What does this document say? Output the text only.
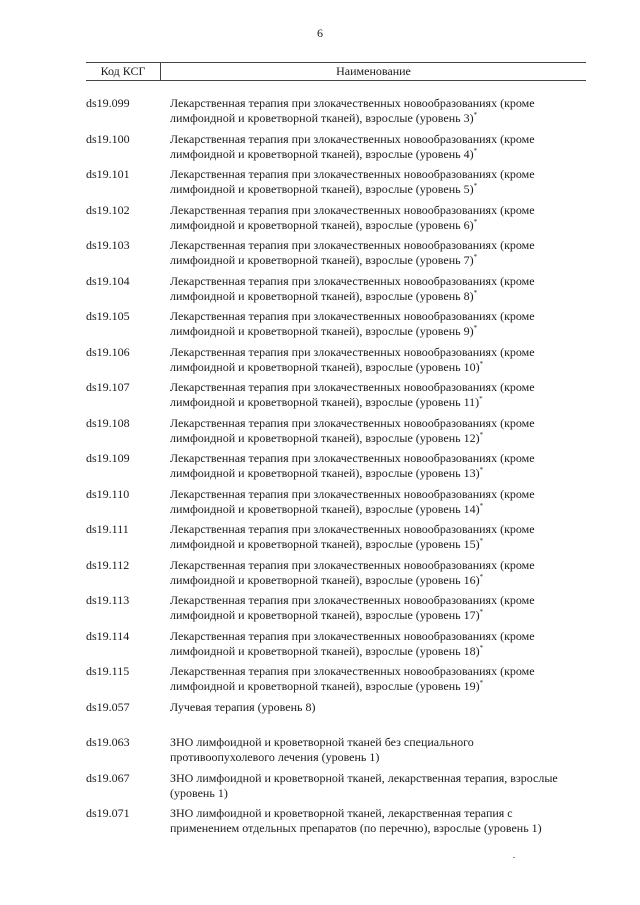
6
Код КСГ	Наименование
ds19.099	Лекарственная терапия при злокачественных новообразованиях (кроме
лимфоидной и кроветворной тканей), взрослые (уровень 3)*
ds19.100	Лекарственная терапия при злокачественных новообразованиях (кроме
лимфоидной и кроветворной тканей), взрослые (уровень 4)*
ds19.101	Лекарственная терапия при злокачественных новообразованиях (кроме
лимфоидной и кроветворной тканей), взрослые (уровень 5)*
ds19.102	Лекарственная терапия при злокачественных новообразованиях (кроме
лимфоидной и кроветворной тканей), взрослые (уровень 6)*
ds19.103	Лекарственная терапия при злокачественных новообразованиях (кроме
лимфоидной и кроветворной тканей), взрослые (уровень 7)*
ds19.104	Лекарственная терапия при злокачественных новообразованиях (кроме
лимфоидной и кроветворной тканей), взрослые (уровень 8)*
ds19.105	Лекарственная терапия при злокачественных новообразованиях (кроме
лимфоидной и кроветворной тканей), взрослые (уровень 9)*
ds19.106	Лекарственная терапия при злокачественных новообразованиях (кроме
лимфоидной и кроветворной тканей), взрослые (уровень 10)*
ds19.107	Лекарственная терапия при злокачественных новообразованиях (кроме
лимфоидной и кроветворной тканей), взрослые (уровень 11)*
ds19.108	Лекарственная терапия при злокачественных новообразованиях (кроме
лимфоидной и кроветворной тканей), взрослые (уровень 12)*
ds19.109	Лекарственная терапия при злокачественных новообразованиях (кроме
лимфоидной и кроветворной тканей), взрослые (уровень 13)*
ds19.110	Лекарственная терапия при злокачественных новообразованиях (кроме
лимфоидной и кроветворной тканей), взрослые (уровень 14)*
ds19.111	Лекарственная терапия при злокачественных новообразованиях (кроме
лимфоидной и кроветворной тканей), взрослые (уровень 15)*
ds19.112	Лекарственная терапия при злокачественных новообразованиях (кроме
лимфоидной и кроветворной тканей), взрослые (уровень 16)*
ds19.113	Лекарственная терапия при злокачественных новообразованиях (кроме
лимфоидной и кроветворной тканей), взрослые (уровень 17)*
ds19.114	Лекарственная терапия при злокачественных новообразованиях (кроме
лимфоидной и кроветворной тканей), взрослые (уровень 18)*
ds19.115	Лекарственная терапия при злокачественных новообразованиях (кроме
лимфоидной и кроветворной тканей), взрослые (уровень 19)*
ds19.057	Лучевая терапия (уровень 8)
ds19.063	ЗНО лимфоидной и кроветворной тканей без специального
противоопухолевого лечения (уровень 1)
ds19.067	ЗНО лимфоидной и кроветворной тканей, лекарственная терапия, взрослые
(уровень 1)
ds19.071	ЗНО лимфоидной и кроветворной тканей, лекарственная терапия с
применением отдельных препаратов (по перечню), взрослые (уровень 1)
